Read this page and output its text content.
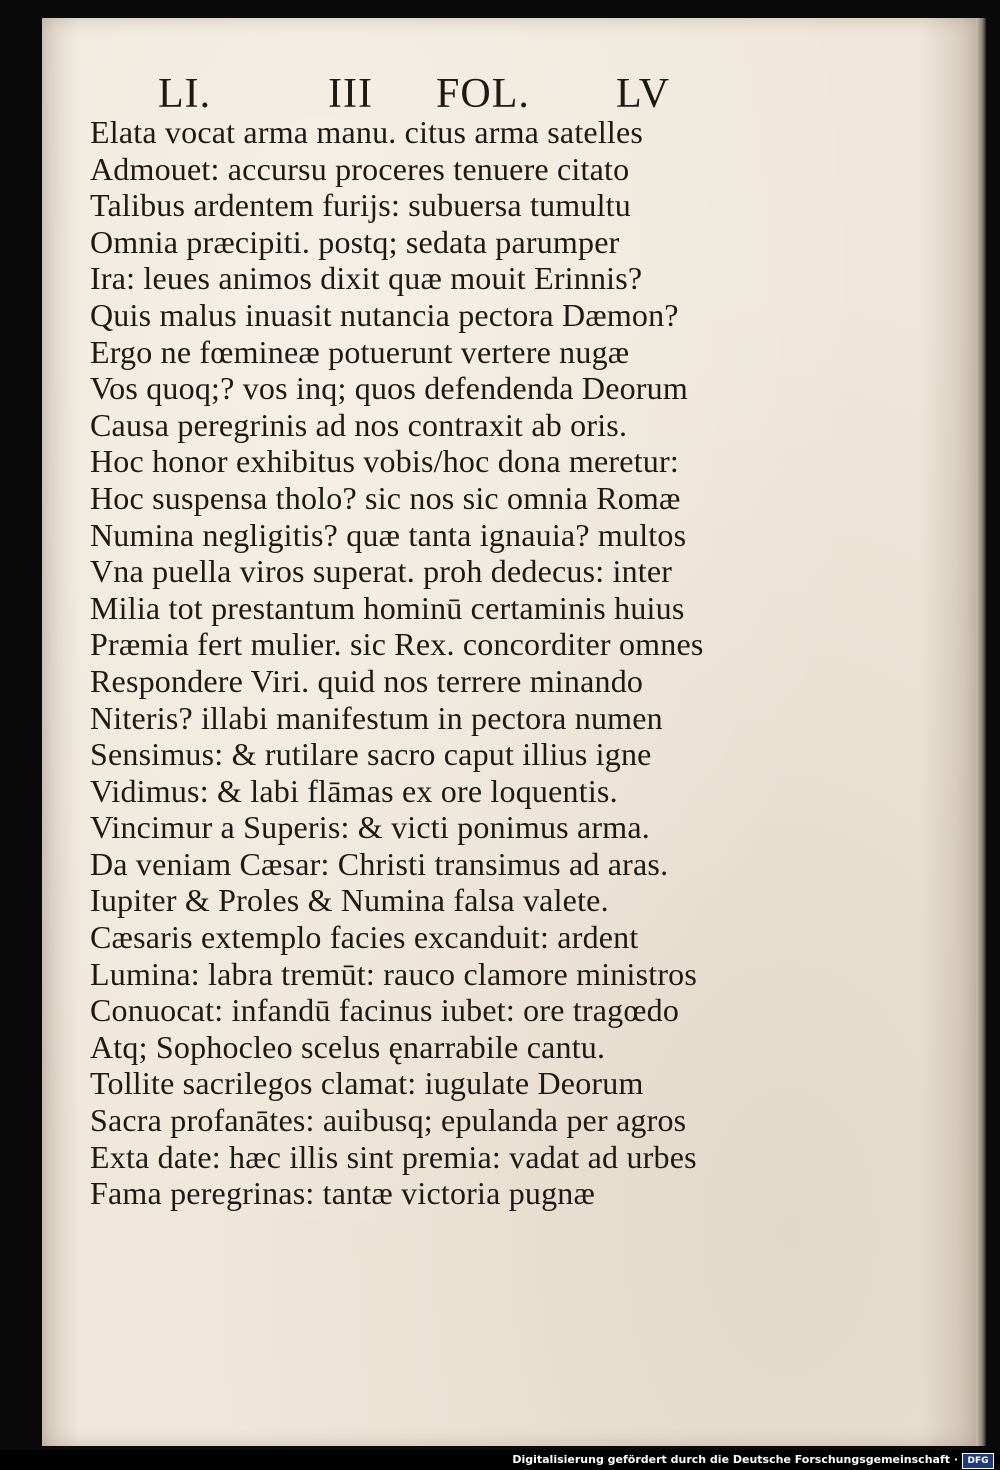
LI.	III FOL. LV
Elata vocat arma manu. citus arma satelles
Admouet: accursu proceres tenuere citato
Talibus ardentem furijs: subuersa tumultu
Omnia præcipiti. postq; sedata parumper
Ira: leues animos dixit quæ mouit Erinnis?
Quis malus inuasit nutancia pectora Dæmon?
Ergo ne fœmineæ potuerunt vertere nugæ
Vos quoq;? vos inq; quos defendenda Deorum
Causa peregrinis ad nos contraxit ab oris.
Hoc honor exhibitus vobis/hoc dona meretur:
Hoc suspensa tholo? sic nos sic omnia Romæ
Numina negligitis? quæ tanta ignauia? multos
Vna puella viros superat. proh dedecus: inter
Milia tot prestantum hominū certaminis huius
Præmia fert mulier. sic Rex. concorditer omnes
Respondere Viri. quid nos terrere minando
Niteris? illabi manifestum in pectora numen
Sensimus: & rutilare sacro caput illius igne
Vidimus: & labi flāmas ex ore loquentis.
Vincimur a Superis: & victi ponimus arma.
Da veniam Cæsar: Christi transimus ad aras.
Iupiter & Proles & Numina falsa valete.
Cæsaris extemplo facies excanduit: ardent
Lumina: labra tremūt: rauco clamore ministros
Conuocat: infandū facinus iubet: ore tragœdo
Atq; Sophocleo scelus ęnarrabile cantu.
Tollite sacrilegos clamat: iugulate Deorum
Sacra profanātes: auibusq; epulanda per agros
Exta date: hæc illis sint premia: vadat ad urbes
Fama peregrinas: tantæ victoria pugnæ
Digitalisierung gefördert durch die Deutsche Forschungsgemeinschaft ·	DFG
